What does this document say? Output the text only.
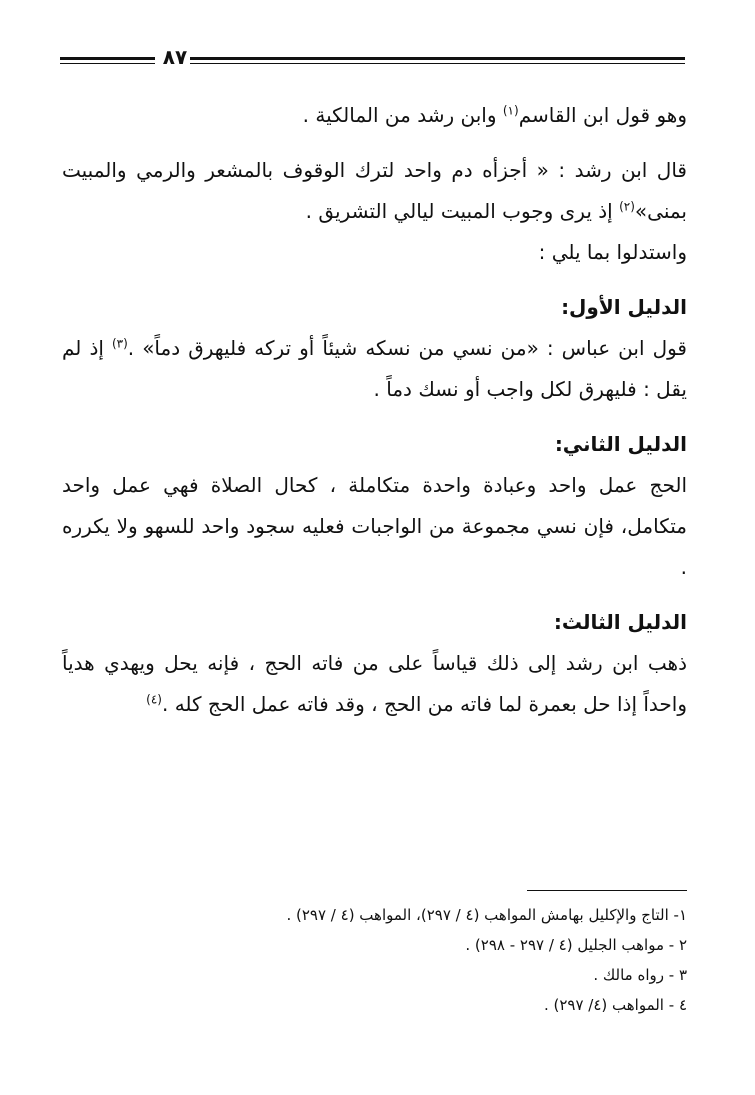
٨٧

وهو قول ابن القاسم$^{(١)}$ وابن رشد من المالكية .

قال ابن رشد : « أجزأه دم واحد لترك الوقوف بالمشعر والرمي والمبيت بمنى»$^{(٢)}$ إذ يرى وجوب المبيت ليالي التشريق .

واستدلوا بما يلي :

الدليل الأول:

قول ابن عباس : «من نسي من نسكه شيئاً أو تركه فليهرق دماً» .$^{(٣)}$ إذ لم يقل : فليهرق لكل واجب أو نسك دماً .

الدليل الثاني:

الحج عمل واحد وعبادة واحدة متكاملة ، كحال الصلاة فهي عمل واحد متكامل، فإن نسي مجموعة من الواجبات فعليه سجود واحد للسهو ولا يكرره .

الدليل الثالث:

ذهب ابن رشد إلى ذلك قياساً على من فاته الحج ، فإنه يحل ويهدي هدياً واحداً إذا حل بعمرة لما فاته من الحج ، وقد فاته عمل الحج كله .$^{(٤)}$

١- التاج والإكليل بهامش المواهب (٤ / ٢٩٧)، المواهب (٤ / ٢٩٧) .

٢ - مواهب الجليل (٤ / ٢٩٧ - ٢٩٨) .

٣ - رواه مالك .

٤ - المواهب (٤/ ٢٩٧) .
